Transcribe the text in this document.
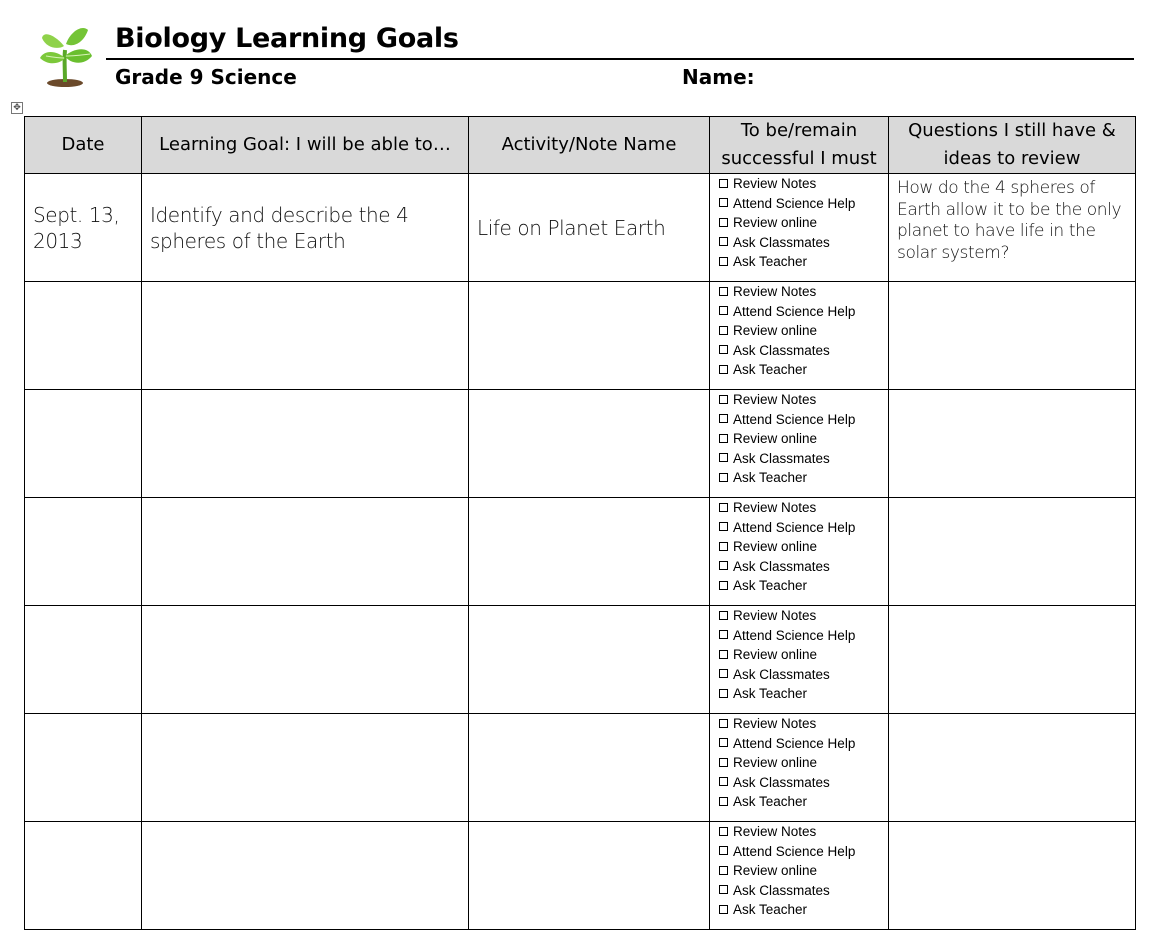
Biology Learning Goals
Grade 9 Science	Name:
✥
Date	Learning Goal: I will be able to…	Activity/Note Name	To be/remain successful I must	Questions I still have & ideas to review
Sept. 13, 2013	Identify and describe the 4 spheres of the Earth	Life on Planet Earth	Review Notes
Attend Science Help
Review online
Ask Classmates
Ask Teacher	How do the 4 spheres of Earth allow it to be the only planet to have life in the solar system?

			Review Notes
Attend Science Help
Review online
Ask Classmates
Ask Teacher	

			Review Notes
Attend Science Help
Review online
Ask Classmates
Ask Teacher	

			Review Notes
Attend Science Help
Review online
Ask Classmates
Ask Teacher	

			Review Notes
Attend Science Help
Review online
Ask Classmates
Ask Teacher	

			Review Notes
Attend Science Help
Review online
Ask Classmates
Ask Teacher	

			Review Notes
Attend Science Help
Review online
Ask Classmates
Ask Teacher	
